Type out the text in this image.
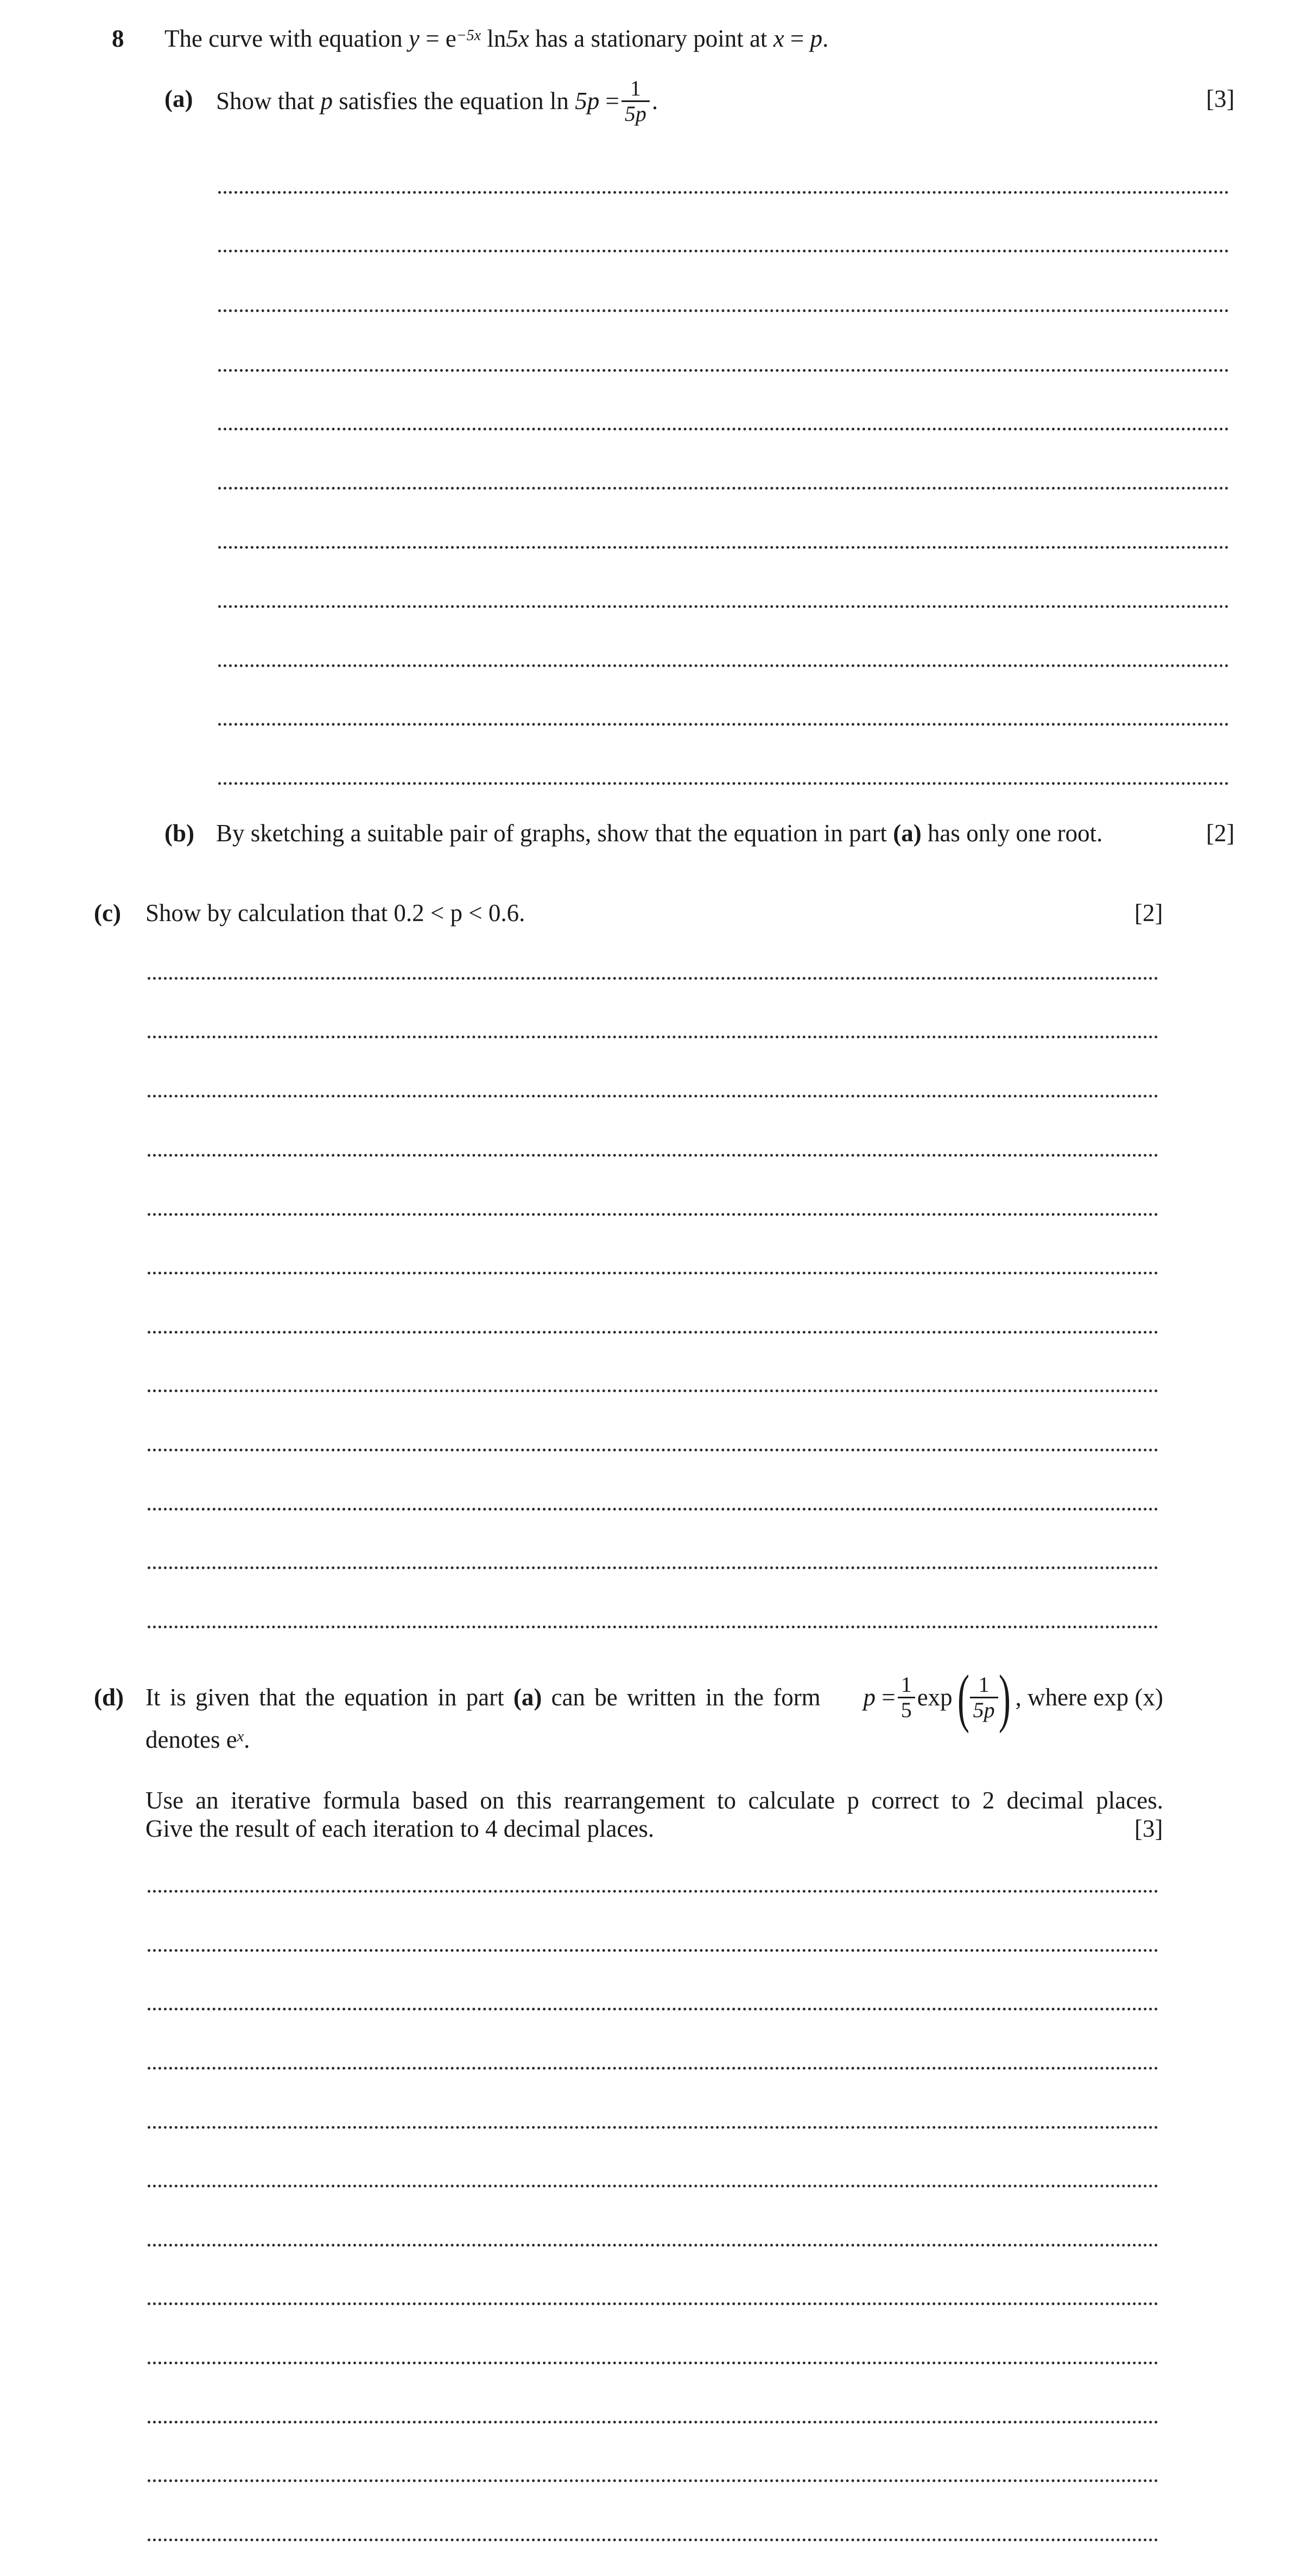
8 The curve with equation $y = e^{-5x}$ ln5x has a stationary point at x = p.
(a) Show that
p
satisfies the equation
ln
5p
= $\frac{1}{5p}$ .	[3]
(b) By sketching a suitable pair of graphs, show that the equation in part (a) has only one root.	[2]
(c) Show by calculation that 0.2 < p < 0.6.	[2]
(d) It is given that the equation in part (a) can be written in the form p
= $\frac{1}{5}$ exp ( $\frac{1}{5p}$ ) , where exp
(x)
denotes $e^x$.
Use an iterative formula based on this rearrangement to calculate p correct to 2 decimal places.
Give the result of each iteration to 4 decimal places.	[3]
